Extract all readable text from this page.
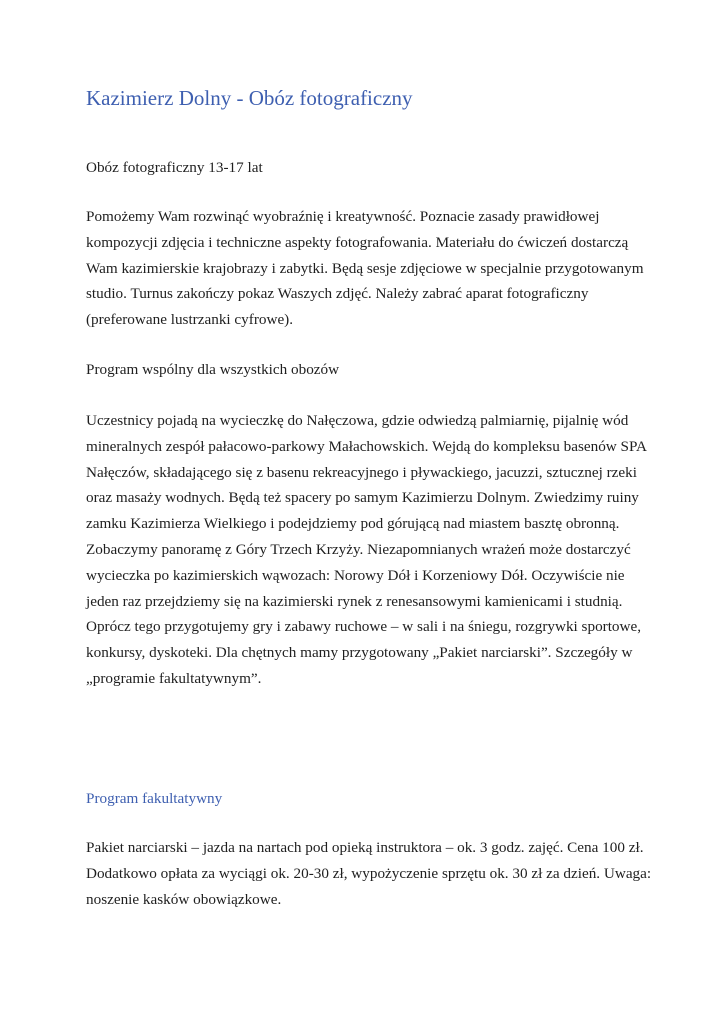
Kazimierz Dolny - Obóz fotograficzny

Obóz fotograficzny 13-17 lat

Pomożemy Wam rozwinąć wyobraźnię i kreatywność. Poznacie zasady prawidłowej
kompozycji zdjęcia i techniczne aspekty fotografowania. Materiału do ćwiczeń dostarczą
Wam kazimierskie krajobrazy i zabytki. Będą sesje zdjęciowe w specjalnie przygotowanym
studio. Turnus zakończy pokaz Waszych zdjęć. Należy zabrać aparat fotograficzny
(preferowane lustrzanki cyfrowe).

Program wspólny dla wszystkich obozów

Uczestnicy pojadą na wycieczkę do Nałęczowa, gdzie odwiedzą palmiarnię, pijalnię wód
mineralnych zespół pałacowo-parkowy Małachowskich. Wejdą do kompleksu basenów SPA
Nałęczów, składającego się z basenu rekreacyjnego i pływackiego, jacuzzi, sztucznej rzeki
oraz masaży wodnych. Będą też spacery po samym Kazimierzu Dolnym. Zwiedzimy ruiny
zamku Kazimierza Wielkiego i podejdziemy pod górującą nad miastem basztę obronną.
Zobaczymy panoramę z Góry Trzech Krzyży. Niezapomnianych wrażeń może dostarczyć
wycieczka po kazimierskich wąwozach: Norowy Dół i Korzeniowy Dół. Oczywiście nie
jeden raz przejdziemy się na kazimierski rynek z renesansowymi kamienicami i studnią.
Oprócz tego przygotujemy gry i zabawy ruchowe – w sali i na śniegu, rozgrywki sportowe,
konkursy, dyskoteki. Dla chętnych mamy przygotowany „Pakiet narciarski”. Szczegóły w
„programie fakultatywnym”.
Program fakultatywny
Pakiet narciarski – jazda na nartach pod opieką instruktora – ok. 3 godz. zajęć. Cena 100 zł.
Dodatkowo opłata za wyciągi ok. 20-30 zł, wypożyczenie sprzętu ok. 30 zł za dzień. Uwaga:
noszenie kasków obowiązkowe.
